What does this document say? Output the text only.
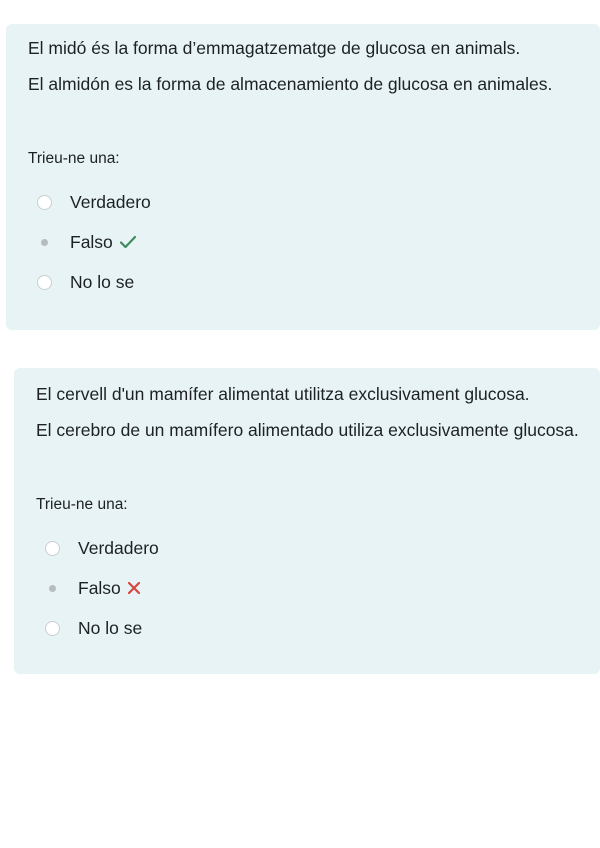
El midó és la forma d’emmagatzematge de glucosa en animals.
El almidón es la forma de almacenamiento de glucosa en animales.
Trieu-ne una:
Verdadero
Falso
No lo se
El cervell d'un mamífer alimentat utilitza exclusivament glucosa.
El cerebro de un mamífero alimentado utiliza exclusivamente glucosa.
Trieu-ne una:
Verdadero
Falso
No lo se
